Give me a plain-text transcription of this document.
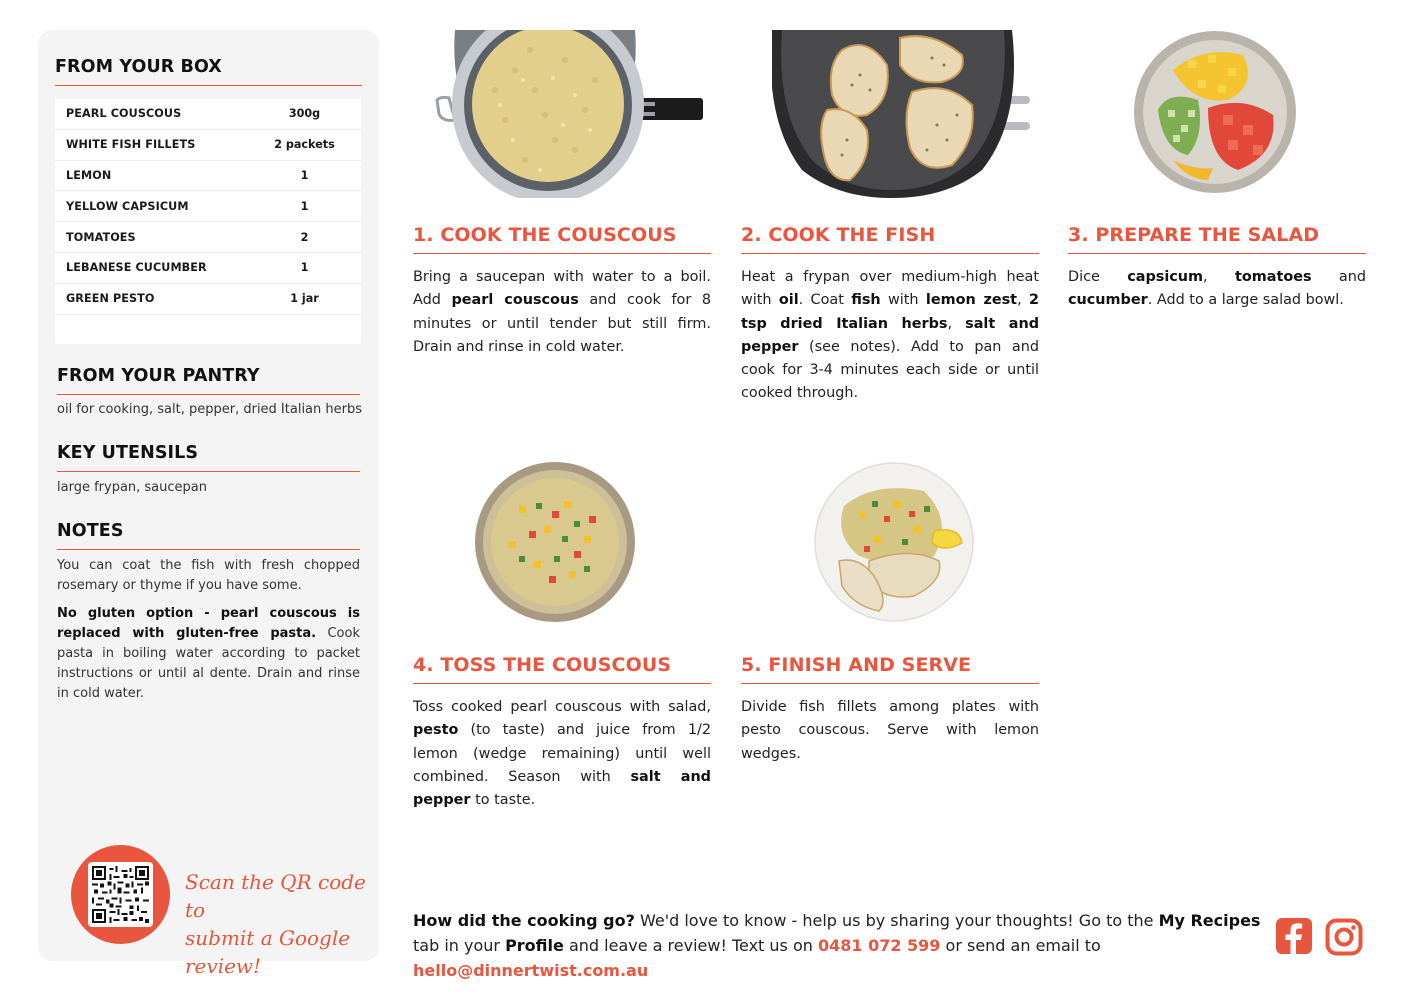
FROM YOUR BOX
PEARL COUSCOUS	300g
WHITE FISH FILLETS	2 packets
LEMON	1
YELLOW CAPSICUM	1
TOMATOES	2
LEBANESE CUCUMBER	1
GREEN PESTO	1 jar
FROM YOUR PANTRY
oil for cooking, salt, pepper, dried Italian herbs
KEY UTENSILS
large frypan, saucepan
NOTES

You can coat the fish with fresh chopped rosemary or thyme if you have some.

No gluten option - pearl couscous is replaced with gluten-free pasta. Cook pasta in boiling water according to packet instructions or until al dente. Drain and rinse in cold water.

Scan the QR code to
submit a Google review!
1. COOK THE COUSCOUS
Bring a saucepan with water to a boil. Add pearl couscous and cook for 8 minutes or until tender but still firm. Drain and rinse in cold water.
2. COOK THE FISH
Heat a frypan over medium-high heat with oil. Coat fish with lemon zest, 2 tsp dried Italian herbs, salt and pepper (see notes). Add to pan and cook for 3-4 minutes each side or until cooked through.
3. PREPARE THE SALAD
Dice capsicum, tomatoes and cucumber. Add to a large salad bowl.
4. TOSS THE COUSCOUS
Toss cooked pearl couscous with salad, pesto (to taste) and juice from 1/2 lemon (wedge remaining) until well combined. Season with salt and pepper to taste.
5. FINISH AND SERVE
Divide fish fillets among plates with pesto couscous. Serve with lemon wedges.
How did the cooking go? We'd love to know - help us by sharing your thoughts! Go to the My Recipes tab in your Profile and leave a review! Text us on 0481 072 599 or send an email to hello@dinnertwist.com.au
